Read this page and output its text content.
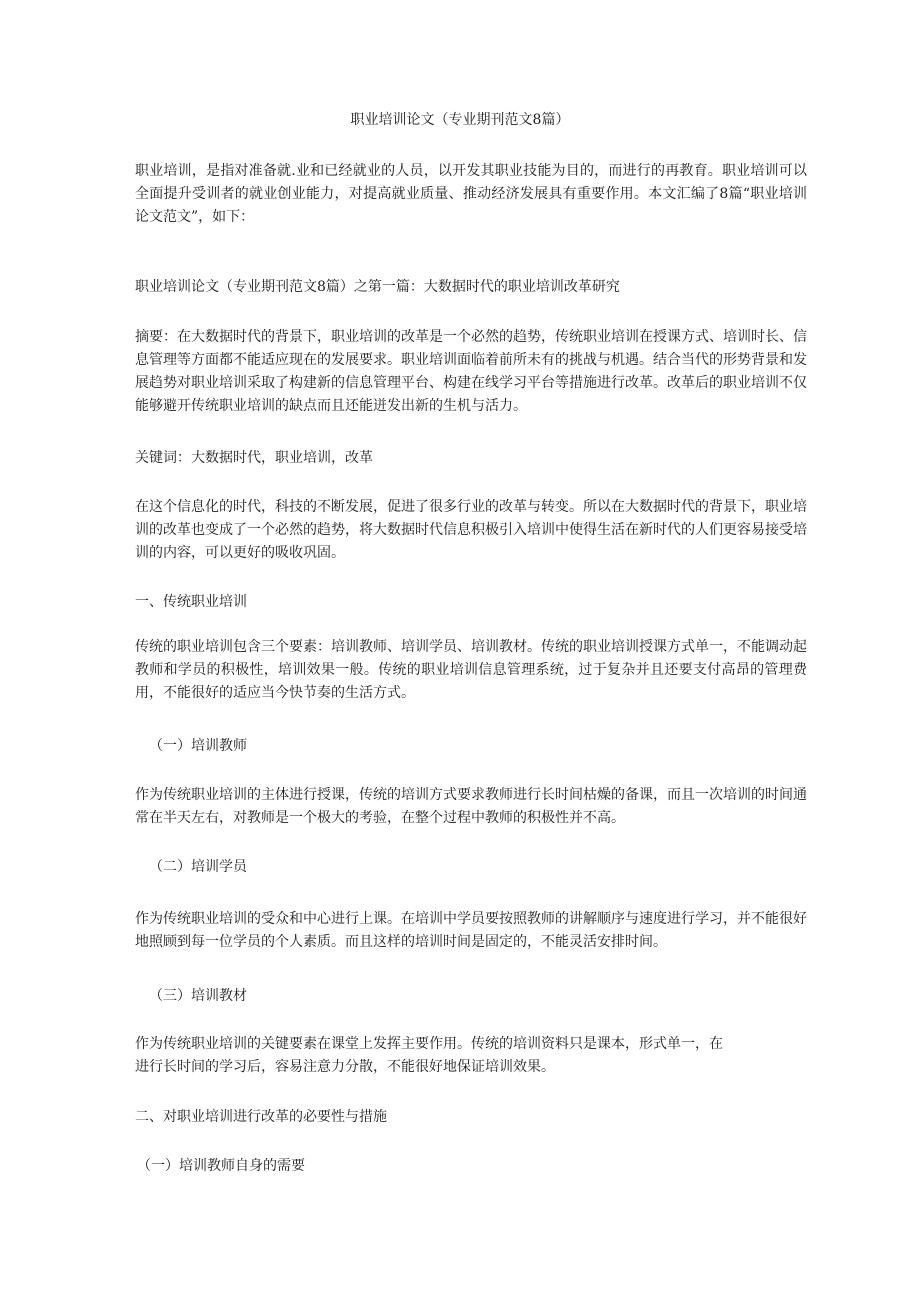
职业培训论文（专业期刊范文8篇）

职业培训，是指对准备就.业和已经就业的人员，以开发其职业技能为目的，而进行的再教育。职业培训可以全面提升受训者的就业创业能力，对提高就业质量、推动经济发展具有重要作用。本文汇编了8篇“职业培训论文范文”，如下：

职业培训论文（专业期刊范文8篇）之第一篇：大数据时代的职业培训改革研究

摘要：在大数据时代的背景下，职业培训的改革是一个必然的趋势，传统职业培训在授课方式、培训时长、信息管理等方面都不能适应现在的发展要求。职业培训面临着前所未有的挑战与机遇。结合当代的形势背景和发展趋势对职业培训采取了构建新的信息管理平台、构建在线学习平台等措施进行改革。改革后的职业培训不仅能够避开传统职业培训的缺点而且还能迸发出新的生机与活力。

关键词：大数据时代，职业培训，改革

在这个信息化的时代，科技的不断发展，促进了很多行业的改革与转变。所以在大数据时代的背景下，职业培训的改革也变成了一个必然的趋势，将大数据时代信息积极引入培训中使得生活在新时代的人们更容易接受培训的内容，可以更好的吸收巩固。

一、传统职业培训

传统的职业培训包含三个要素：培训教师、培训学员、培训教材。传统的职业培训授课方式单一，不能调动起教师和学员的积极性，培训效果一般。传统的职业培训信息管理系统，过于复杂并且还要支付高昂的管理费用，不能很好的适应当今快节奏的生活方式。

（一）培训教师

作为传统职业培训的主体进行授课，传统的培训方式要求教师进行长时间枯燥的备课，而且一次培训的时间通常在半天左右，对教师是一个极大的考验，在整个过程中教师的积极性并不高。

（二）培训学员

作为传统职业培训的受众和中心进行上课。在培训中学员要按照教师的讲解顺序与速度进行学习，并不能很好地照顾到每一位学员的个人素质。而且这样的培训时间是固定的，不能灵活安排时间。

（三）培训教材

作为传统职业培训的关键要素在课堂上发挥主要作用。传统的培训资料只是课本，形式单一，在

进行长时间的学习后，容易注意力分散，不能很好地保证培训效果。

二、对职业培训进行改革的必要性与措施

（一）培训教师自身的需要
